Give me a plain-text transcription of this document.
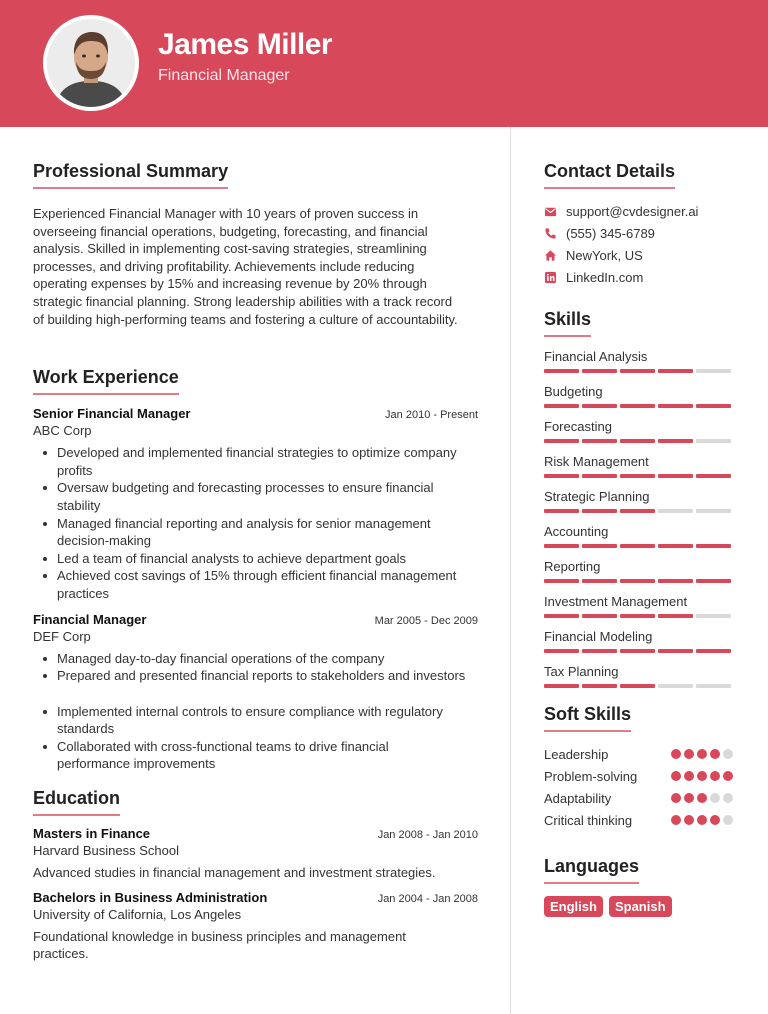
James Miller
Financial Manager
Professional Summary
Experienced Financial Manager with 10 years of proven success in
overseeing financial operations, budgeting, forecasting, and financial
analysis. Skilled in implementing cost-saving strategies, streamlining
processes, and driving profitability. Achievements include reducing
operating expenses by 15% and increasing revenue by 20% through
strategic financial planning. Strong leadership abilities with a track record
of building high-performing teams and fostering a culture of accountability.
Work Experience
Senior Financial Manager	Jan 2010 - Present
ABC Corp
Developed and implemented financial strategies to optimize company
profits
Oversaw budgeting and forecasting processes to ensure financial
stability
Managed financial reporting and analysis for senior management
decision-making
Led a team of financial analysts to achieve department goals
Achieved cost savings of 15% through efficient financial management
practices
Financial Manager	Mar 2005 - Dec 2009
DEF Corp
Managed day-to-day financial operations of the company
Prepared and presented financial reports to stakeholders and investors
Implemented internal controls to ensure compliance with regulatory
standards
Collaborated with cross-functional teams to drive financial
performance improvements
Education
Masters in Finance	Jan 2008 - Jan 2010
Harvard Business School
Advanced studies in financial management and investment strategies.
Bachelors in Business Administration	Jan 2004 - Jan 2008
University of California, Los Angeles
Foundational knowledge in business principles and management
practices.
Contact Details
support@cvdesigner.ai
(555) 345-6789
NewYork, US
LinkedIn.com
Skills
Financial Analysis
Budgeting
Forecasting
Risk Management
Strategic Planning
Accounting
Reporting
Investment Management
Financial Modeling
Tax Planning
Soft Skills
Leadership
Problem-solving
Adaptability
Critical thinking
Languages
English	Spanish
